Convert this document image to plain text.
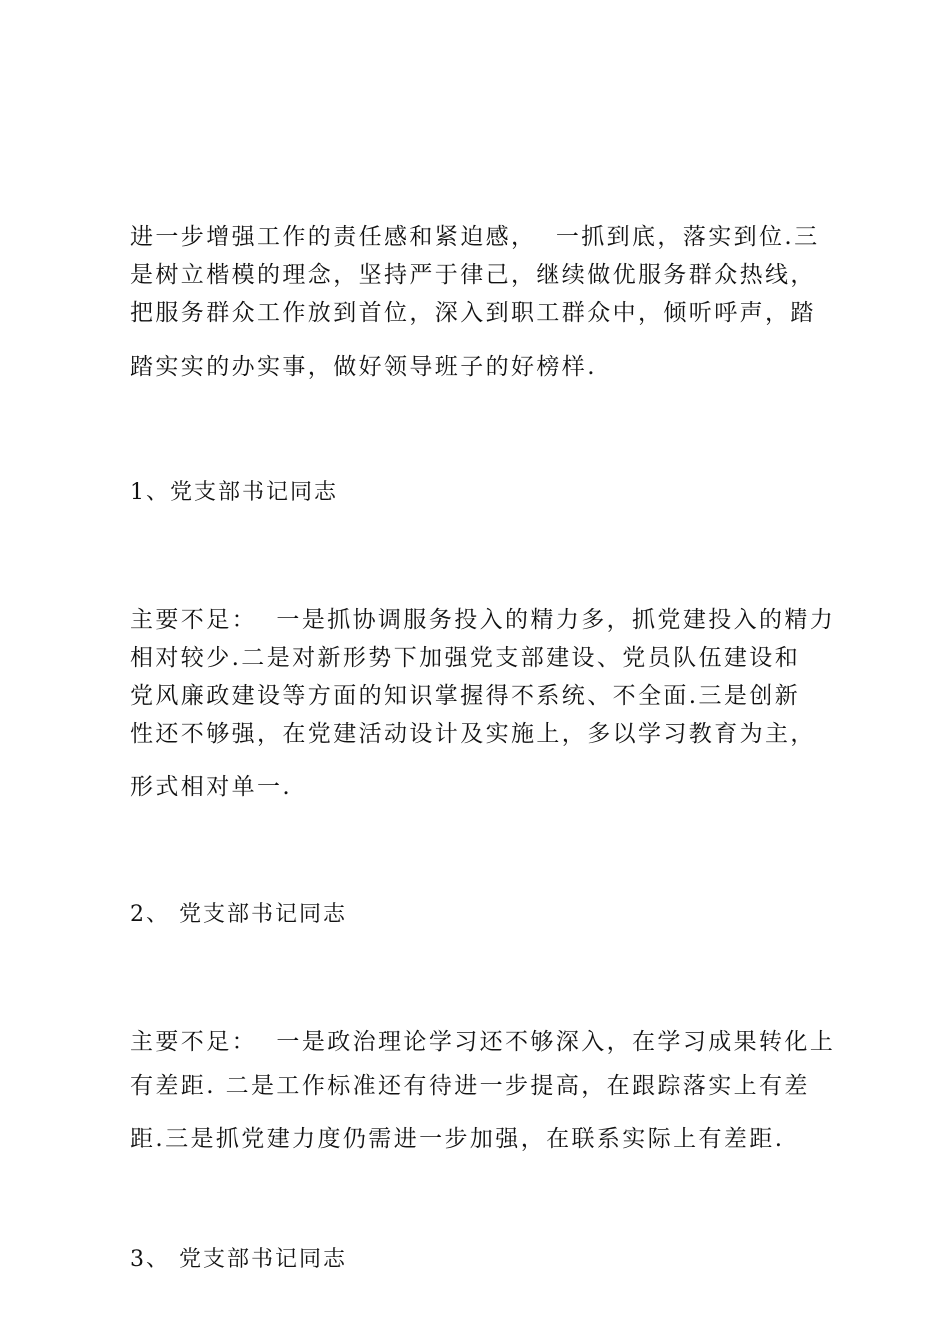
进一步增强工作的责任感和紧迫感，  一抓到底，落实到位.三
是树立楷模的理念，坚持严于律己，继续做优服务群众热线，
把服务群众工作放到首位，深入到职工群众中，倾听呼声，踏
踏实实的办实事，做好领导班子的好榜样.
1、党支部书记同志
主要不足：  一是抓协调服务投入的精力多，抓党建投入的精力
相对较少.二是对新形势下加强党支部建设、党员队伍建设和
党风廉政建设等方面的知识掌握得不系统、不全面.三是创新
性还不够强，在党建活动设计及实施上，多以学习教育为主，
形式相对单一.
2、 党支部书记同志
主要不足：  一是政治理论学习还不够深入，在学习成果转化上
有差距. 二是工作标准还有待进一步提高，在跟踪落实上有差
距.三是抓党建力度仍需进一步加强，在联系实际上有差距.
3、 党支部书记同志
